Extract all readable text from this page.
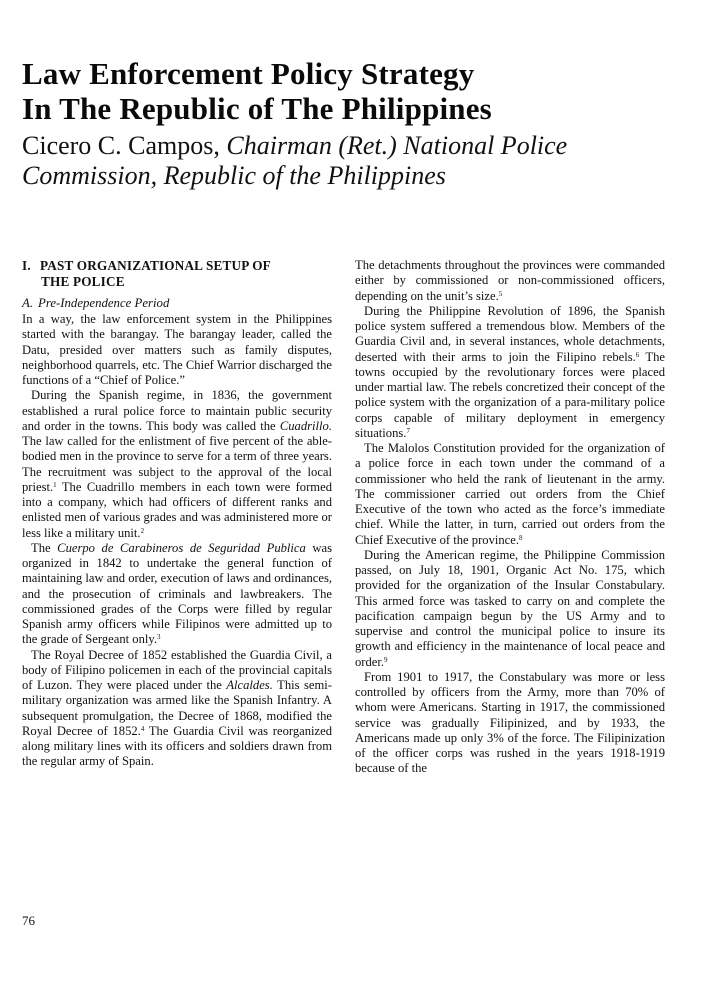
Law Enforcement Policy Strategy
In The Republic of The Philippines
Cicero C. Campos, Chairman (Ret.) National Police
Commission, Republic of the Philippines
I. PAST ORGANIZATIONAL SETUP OF
THE POLICE
A. Pre-Independence Period

In a way, the law enforcement system in the Philippines started with the barangay. The barangay leader, called the Datu, presided over matters such as family disputes, neighborhood quarrels, etc. The Chief Warrior discharged the functions of a “Chief of Police.”

During the Spanish regime, in 1836, the government established a rural police force to maintain public security and order in the towns. This body was called the Cuadrillo. The law called for the enlistment of five percent of the able-bodied men in the province to serve for a term of three years. The recruitment was subject to the approval of the local priest.$^1$ The Cuadrillo members in each town were formed into a company, which had officers of different ranks and enlisted men of various grades and was administered more or less like a military unit.$^2$

The Cuerpo de Carabineros de Seguridad Publica was organized in 1842 to undertake the general function of maintaining law and order, execution of laws and ordinances, and the prosecution of criminals and lawbreakers. The commissioned grades of the Corps were filled by regular Spanish army officers while Filipinos were admitted up to the grade of Sergeant only.$^3$

The Royal Decree of 1852 established the Guardia Civil, a body of Filipino policemen in each of the provincial capitals of Luzon. They were placed under the Alcaldes. This semi-military organization was armed like the Spanish Infantry. A subsequent promulgation, the Decree of 1868, modified the Royal Decree of 1852.$^4$ The Guardia Civil was reorganized along military lines with its officers and soldiers drawn from the regular army of Spain.

The detachments throughout the provinces were commanded either by commissioned or non-commissioned officers, depending on the unit’s size.$^5$

During the Philippine Revolution of 1896, the Spanish police system suffered a tremendous blow. Members of the Guardia Civil and, in several instances, whole detachments, deserted with their arms to join the Filipino rebels.$^6$ The towns occupied by the revolutionary forces were placed under martial law. The rebels concretized their concept of the police system with the organization of a para-military police corps capable of military deployment in emergency situations.$^7$

The Malolos Constitution provided for the organization of a police force in each town under the command of a commissioner who held the rank of lieutenant in the army. The commissioner carried out orders from the Chief Executive of the town who acted as the force’s immediate chief. While the latter, in turn, carried out orders from the Chief Executive of the province.$^8$

During the American regime, the Philippine Commission passed, on July 18, 1901, Organic Act No. 175, which provided for the organization of the Insular Constabulary. This armed force was tasked to carry on and complete the pacification campaign begun by the US Army and to supervise and control the municipal police to insure its growth and efficiency in the maintenance of local peace and order.$^9$

From 1901 to 1917, the Constabulary was more or less controlled by officers from the Army, more than 70% of whom were Americans. Starting in 1917, the commissioned service was gradually Filipinized, and by 1933, the Americans made up only 3% of the force. The Filipinization of the officer corps was rushed in the years 1918-1919 because of the

76
